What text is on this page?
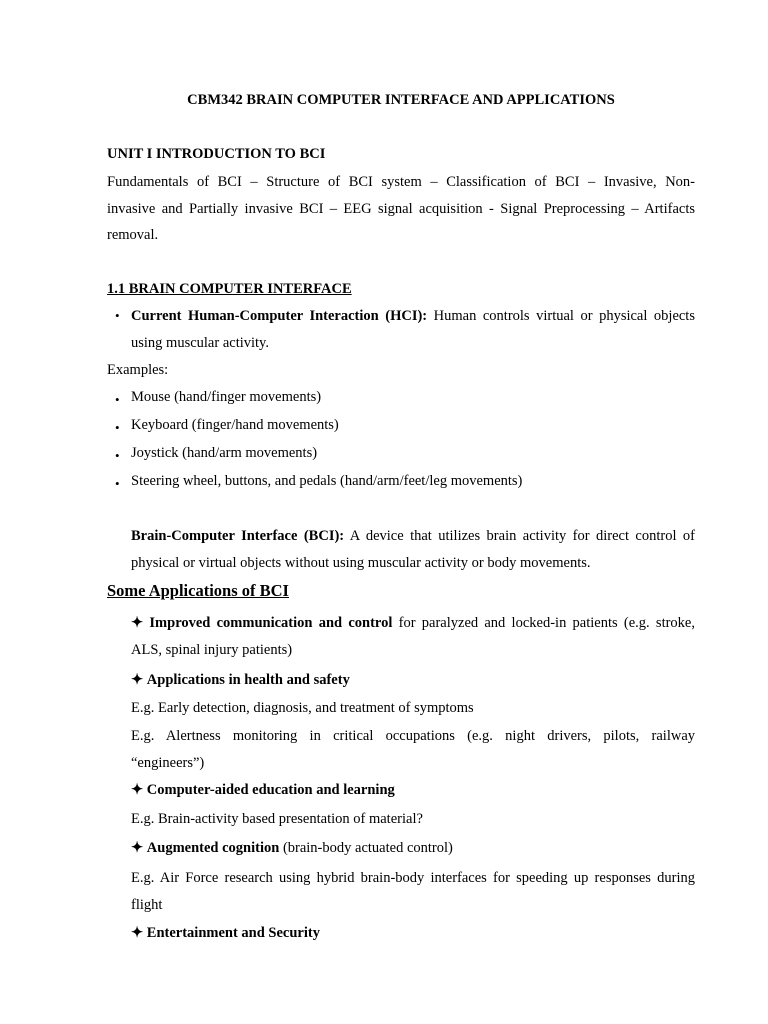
CBM342 BRAIN COMPUTER INTERFACE AND APPLICATIONS
UNIT I INTRODUCTION TO BCI
Fundamentals of BCI – Structure of BCI system – Classification of BCI – Invasive, Non-
invasive and Partially invasive BCI – EEG signal acquisition - Signal Preprocessing – Artifacts
removal.
1.1 BRAIN COMPUTER INTERFACE
• Current Human-Computer Interaction (HCI): Human controls virtual or physical objects
using muscular activity.
Examples:
• Mouse (hand/finger movements)
• Keyboard (finger/hand movements)
• Joystick (hand/arm movements)
• Steering wheel, buttons, and pedals (hand/arm/feet/leg movements)
Brain-Computer Interface (BCI): A device that utilizes brain activity for direct control of
physical or virtual objects without using muscular activity or body movements.
Some Applications of BCI
✦ Improved communication and control for paralyzed and locked-in patients (e.g. stroke,
ALS, spinal injury patients)
✦ Applications in health and safety
E.g. Early detection, diagnosis, and treatment of symptoms
E.g. Alertness monitoring in critical occupations (e.g. night drivers, pilots, railway
“engineers”)
✦ Computer-aided education and learning
E.g. Brain-activity based presentation of material?
✦ Augmented cognition (brain-body actuated control)
E.g. Air Force research using hybrid brain-body interfaces for speeding up responses during
flight
✦ Entertainment and Security
